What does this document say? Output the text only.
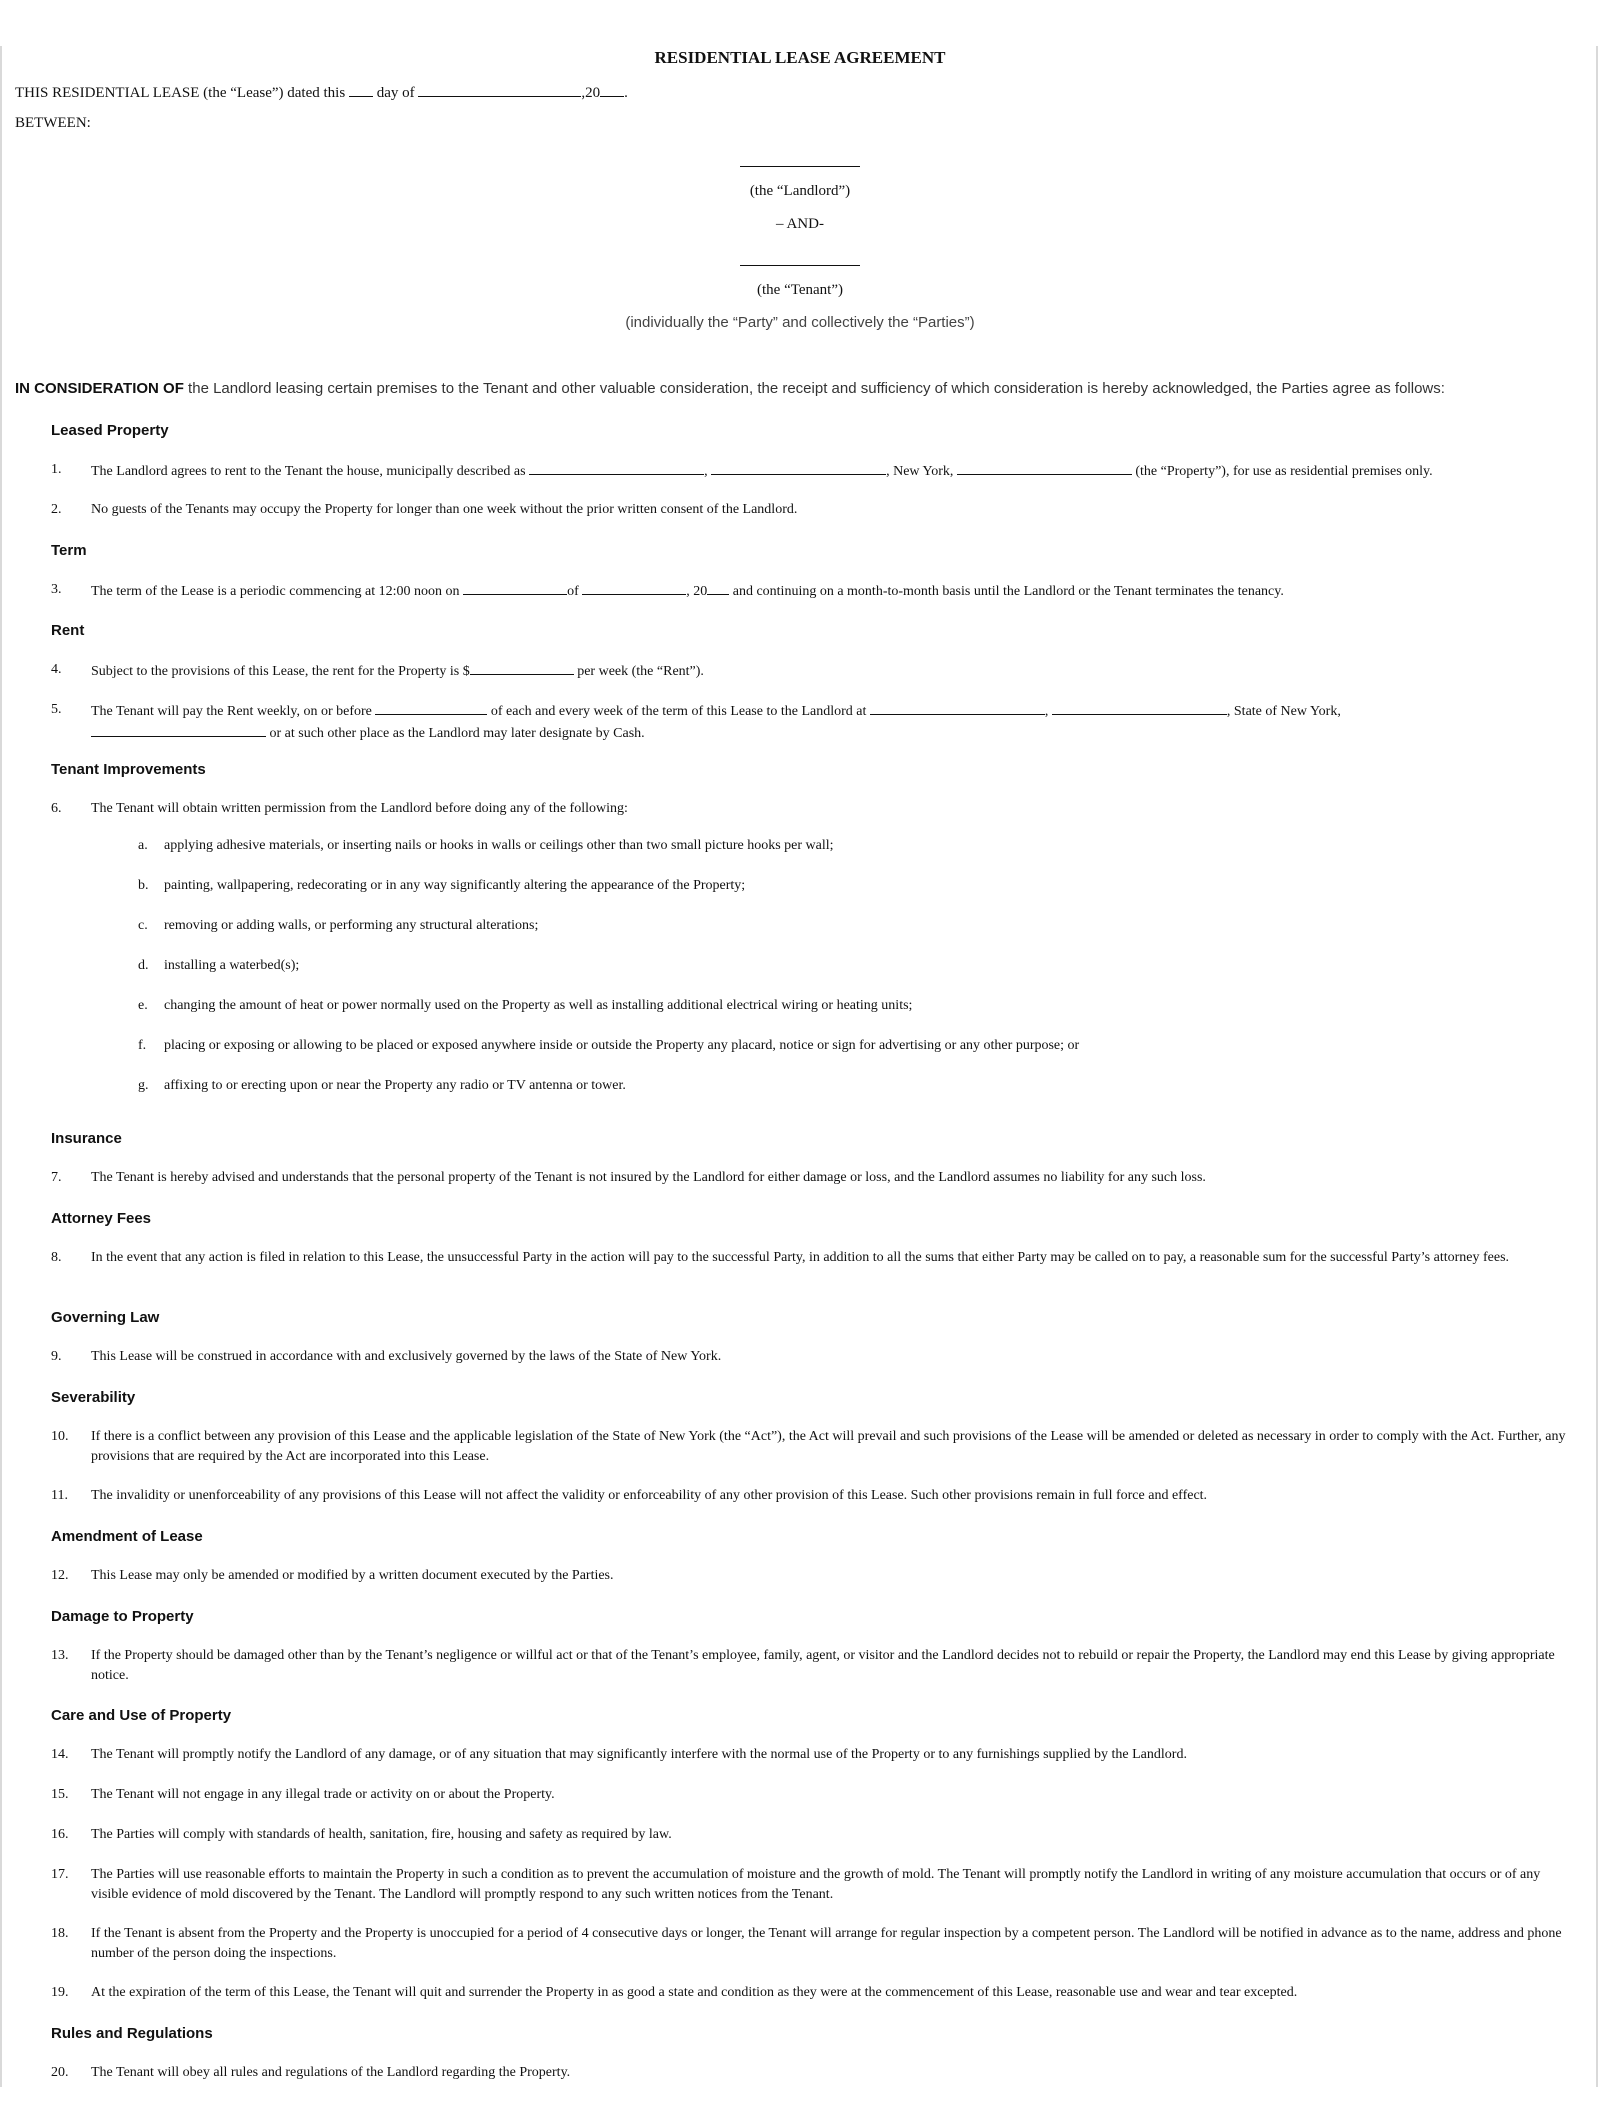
RESIDENTIAL LEASE AGREEMENT
THIS RESIDENTIAL LEASE (the “Lease”) dated this  day of	,20 .
BETWEEN:
(the “Landlord”)
– AND-
(the “Tenant”)
(individually the “Party” and collectively the “Parties”)
IN CONSIDERATION OF the Landlord leasing certain premises to the Tenant and other valuable consideration, the receipt and sufficiency of which consideration is hereby acknowledged, the Parties agree as follows:
Leased Property
1. The Landlord agrees to rent to the Tenant the house, municipally described as	,	, New York,	(the “Property”), for use as residential premises only.
2. No guests of the Tenants may occupy the Property for longer than one week without the prior written consent of the Landlord.
Term
3. The term of the Lease is a periodic commencing at 12:00 noon on	of	, 20 and continuing on a month-to-month basis until the Landlord or the Tenant terminates the tenancy.
Rent
4. Subject to the provisions of this Lease, the rent for the Property is $	per week (the “Rent”).
5. The Tenant will pay the Rent weekly, on or before	of each and every week of the term of this Lease to the Landlord at	,	, State of New York,
or at such other place as the Landlord may later designate by Cash.
Tenant Improvements
6. The Tenant will obtain written permission from the Landlord before doing any of the following:
a. applying adhesive materials, or inserting nails or hooks in walls or ceilings other than two small picture hooks per wall;
b. painting, wallpapering, redecorating or in any way significantly altering the appearance of the Property;
c. removing or adding walls, or performing any structural alterations;
d. installing a waterbed(s);
e. changing the amount of heat or power normally used on the Property as well as installing additional electrical wiring or heating units;
f. placing or exposing or allowing to be placed or exposed anywhere inside or outside the Property any placard, notice or sign for advertising or any other purpose; or
g. affixing to or erecting upon or near the Property any radio or TV antenna or tower.
Insurance
7. The Tenant is hereby advised and understands that the personal property of the Tenant is not insured by the Landlord for either damage or loss, and the Landlord assumes no liability for any such loss.
Attorney Fees
8. In the event that any action is filed in relation to this Lease, the unsuccessful Party in the action will pay to the successful Party, in addition to all the sums that either Party may be called on to pay, a reasonable sum for the successful Party’s attorney fees.
Governing Law
9. This Lease will be construed in accordance with and exclusively governed by the laws of the State of New York.
Severability
10. If there is a conflict between any provision of this Lease and the applicable legislation of the State of New York (the “Act”), the Act will prevail and such provisions of the Lease will be amended or deleted as necessary in order to comply with the Act. Further, any provisions that are required by the Act are incorporated into this Lease.
11. The invalidity or unenforceability of any provisions of this Lease will not affect the validity or enforceability of any other provision of this Lease. Such other provisions remain in full force and effect.
Amendment of Lease
12. This Lease may only be amended or modified by a written document executed by the Parties.
Damage to Property
13. If the Property should be damaged other than by the Tenant’s negligence or willful act or that of the Tenant’s employee, family, agent, or visitor and the Landlord decides not to rebuild or repair the Property, the Landlord may end this Lease by giving appropriate notice.
Care and Use of Property
14. The Tenant will promptly notify the Landlord of any damage, or of any situation that may significantly interfere with the normal use of the Property or to any furnishings supplied by the Landlord.
15. The Tenant will not engage in any illegal trade or activity on or about the Property.
16. The Parties will comply with standards of health, sanitation, fire, housing and safety as required by law.
17. The Parties will use reasonable efforts to maintain the Property in such a condition as to prevent the accumulation of moisture and the growth of mold. The Tenant will promptly notify the Landlord in writing of any moisture accumulation that occurs or of any visible evidence of mold discovered by the Tenant. The Landlord will promptly respond to any such written notices from the Tenant.
18. If the Tenant is absent from the Property and the Property is unoccupied for a period of 4 consecutive days or longer, the Tenant will arrange for regular inspection by a competent person. The Landlord will be notified in advance as to the name, address and phone number of the person doing the inspections.
19. At the expiration of the term of this Lease, the Tenant will quit and surrender the Property in as good a state and condition as they were at the commencement of this Lease, reasonable use and wear and tear excepted.
Rules and Regulations
20. The Tenant will obey all rules and regulations of the Landlord regarding the Property.
